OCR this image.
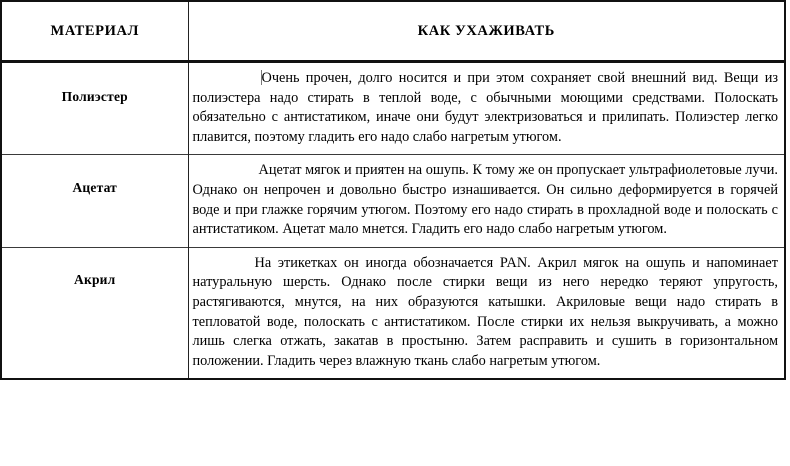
МАТЕРИАЛ	КАК УХАЖИВАТЬ
Полиэстер	Очень прочен, долго носится и при этом сохраняет свой внешний вид. Вещи из полиэстера надо стирать в теплой воде, с обычными моющими средствами. Полоскать обязательно с антистатиком, иначе они будут электризоваться и прилипать. Полиэстер легко плавится, поэтому гладить его надо слабо нагретым утюгом.
Ацетат	Ацетат мягок и приятен на ошупь. К тому же он пропускает ультрафиолетовые лучи. Однако он непрочен и довольно быстро изнашивается. Он сильно деформируется в горячей воде и при глажке горячим утюгом. Поэтому его надо стирать в прохладной воде и полоскать с антистатиком. Ацетат мало мнется. Гладить его надо слабо нагретым утюгом.
Акрил	На этикетках он иногда обозначается PAN. Акрил мягок на ошупь и напоминает натуральную шерсть. Однако после стирки вещи из него нередко теряют упругость, растягиваются, мнутся, на них образуются катышки. Акриловые вещи надо стирать в тепловатой воде, полоскать с антистатиком. После стирки их нельзя выкручивать, а можно лишь слегка отжать, закатав в простыню. Затем расправить и сушить в горизонтальном положении. Гладить через влажную ткань слабо нагретым утюгом.
